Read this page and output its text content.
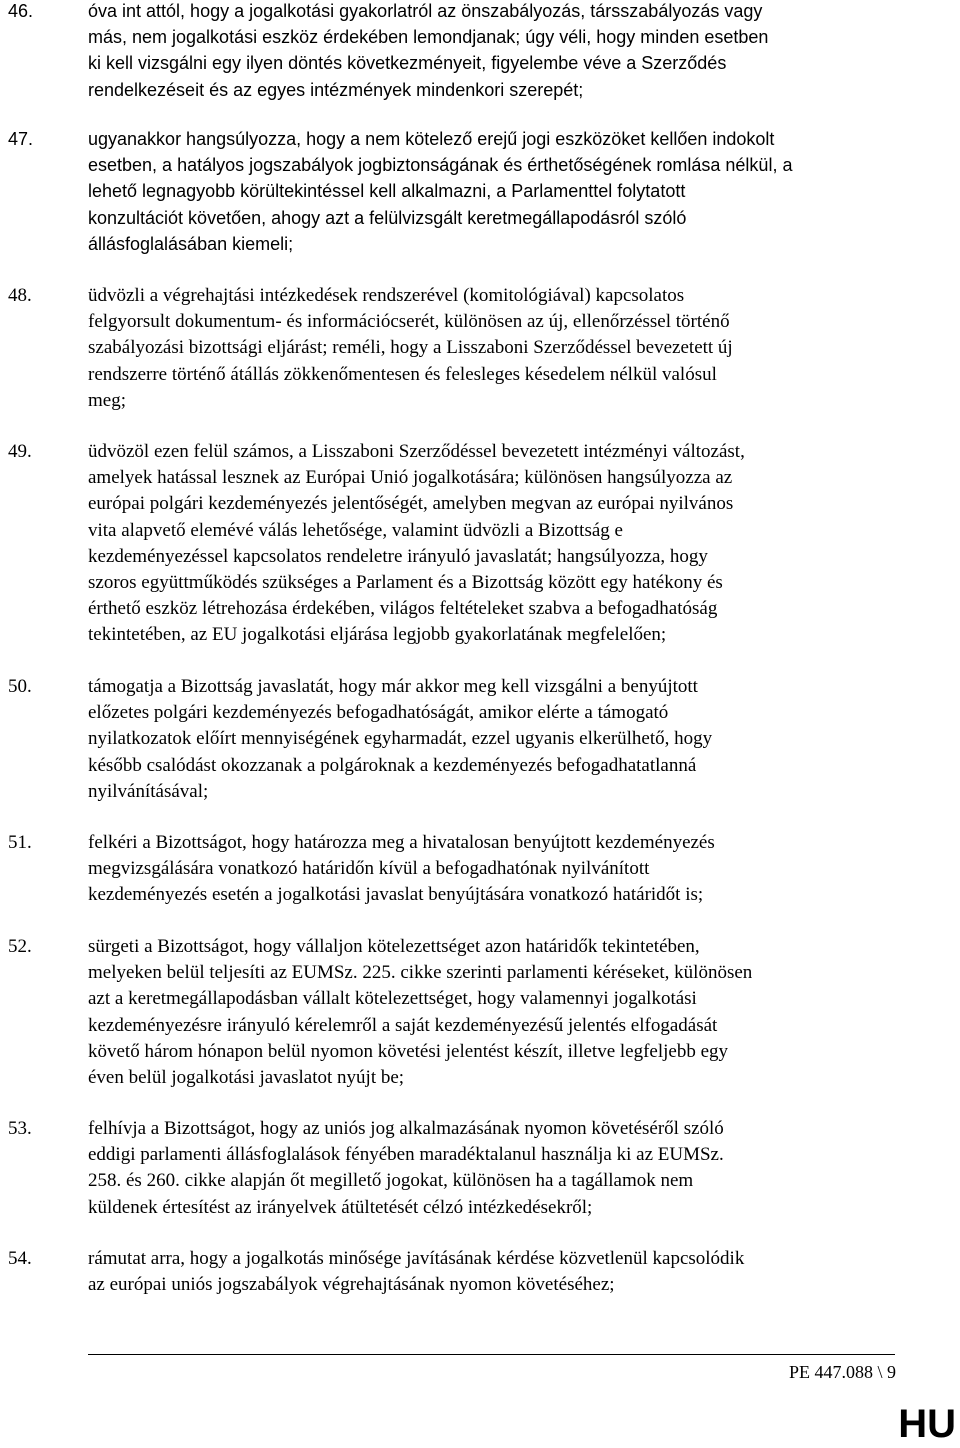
46.	óva int attól, hogy a jogalkotási gyakorlatról az önszabályozás, társszabályozás vagy
más, nem jogalkotási eszköz érdekében lemondjanak; úgy véli, hogy minden esetben
ki kell vizsgálni egy ilyen döntés következményeit, figyelembe véve a Szerződés
rendelkezéseit és az egyes intézmények mindenkori szerepét;
47.	ugyanakkor hangsúlyozza, hogy a nem kötelező erejű jogi eszközöket kellően indokolt
esetben, a hatályos jogszabályok jogbiztonságának és érthetőségének romlása nélkül, a
lehető legnagyobb körültekintéssel kell alkalmazni, a Parlamenttel folytatott
konzultációt követően, ahogy azt a felülvizsgált keretmegállapodásról szóló
állásfoglalásában kiemeli;
48.	üdvözli a végrehajtási intézkedések rendszerével (komitológiával) kapcsolatos
felgyorsult dokumentum- és információcserét, különösen az új, ellenőrzéssel történő
szabályozási bizottsági eljárást; reméli, hogy a Lisszaboni Szerződéssel bevezetett új
rendszerre történő átállás zökkenőmentesen és felesleges késedelem nélkül valósul
meg;
49.	üdvözöl ezen felül számos, a Lisszaboni Szerződéssel bevezetett intézményi változást,
amelyek hatással lesznek az Európai Unió jogalkotására; különösen hangsúlyozza az
európai polgári kezdeményezés jelentőségét, amelyben megvan az európai nyilvános
vita alapvető elemévé válás lehetősége, valamint üdvözli a Bizottság e
kezdeményezéssel kapcsolatos rendeletre irányuló javaslatát; hangsúlyozza, hogy
szoros együttműködés szükséges a Parlament és a Bizottság között egy hatékony és
érthető eszköz létrehozása érdekében, világos feltételeket szabva a befogadhatóság
tekintetében, az EU jogalkotási eljárása legjobb gyakorlatának megfelelően;
50.	támogatja a Bizottság javaslatát, hogy már akkor meg kell vizsgálni a benyújtott
előzetes polgári kezdeményezés befogadhatóságát, amikor elérte a támogató
nyilatkozatok előírt mennyiségének egyharmadát, ezzel ugyanis elkerülhető, hogy
később csalódást okozzanak a polgároknak a kezdeményezés befogadhatatlanná
nyilvánításával;
51.	felkéri a Bizottságot, hogy határozza meg a hivatalosan benyújtott kezdeményezés
megvizsgálására vonatkozó határidőn kívül a befogadhatónak nyilvánított
kezdeményezés esetén a jogalkotási javaslat benyújtására vonatkozó határidőt is;
52.	sürgeti a Bizottságot, hogy vállaljon kötelezettséget azon határidők tekintetében,
melyeken belül teljesíti az EUMSz. 225. cikke szerinti parlamenti kéréseket, különösen
azt a keretmegállapodásban vállalt kötelezettséget, hogy valamennyi jogalkotási
kezdeményezésre irányuló kérelemről a saját kezdeményezésű jelentés elfogadását
követő három hónapon belül nyomon követési jelentést készít, illetve legfeljebb egy
éven belül jogalkotási javaslatot nyújt be;
53.	felhívja a Bizottságot, hogy az uniós jog alkalmazásának nyomon követéséről szóló
eddigi parlamenti állásfoglalások fényében maradéktalanul használja ki az EUMSz.
258. és 260. cikke alapján őt megillető jogokat, különösen ha a tagállamok nem
küldenek értesítést az irányelvek átültetését célzó intézkedésekről;
54.	rámutat arra, hogy a jogalkotás minősége javításának kérdése közvetlenül kapcsolódik
az európai uniós jogszabályok végrehajtásának nyomon követéséhez;
PE 447.088 \ 9
HU
